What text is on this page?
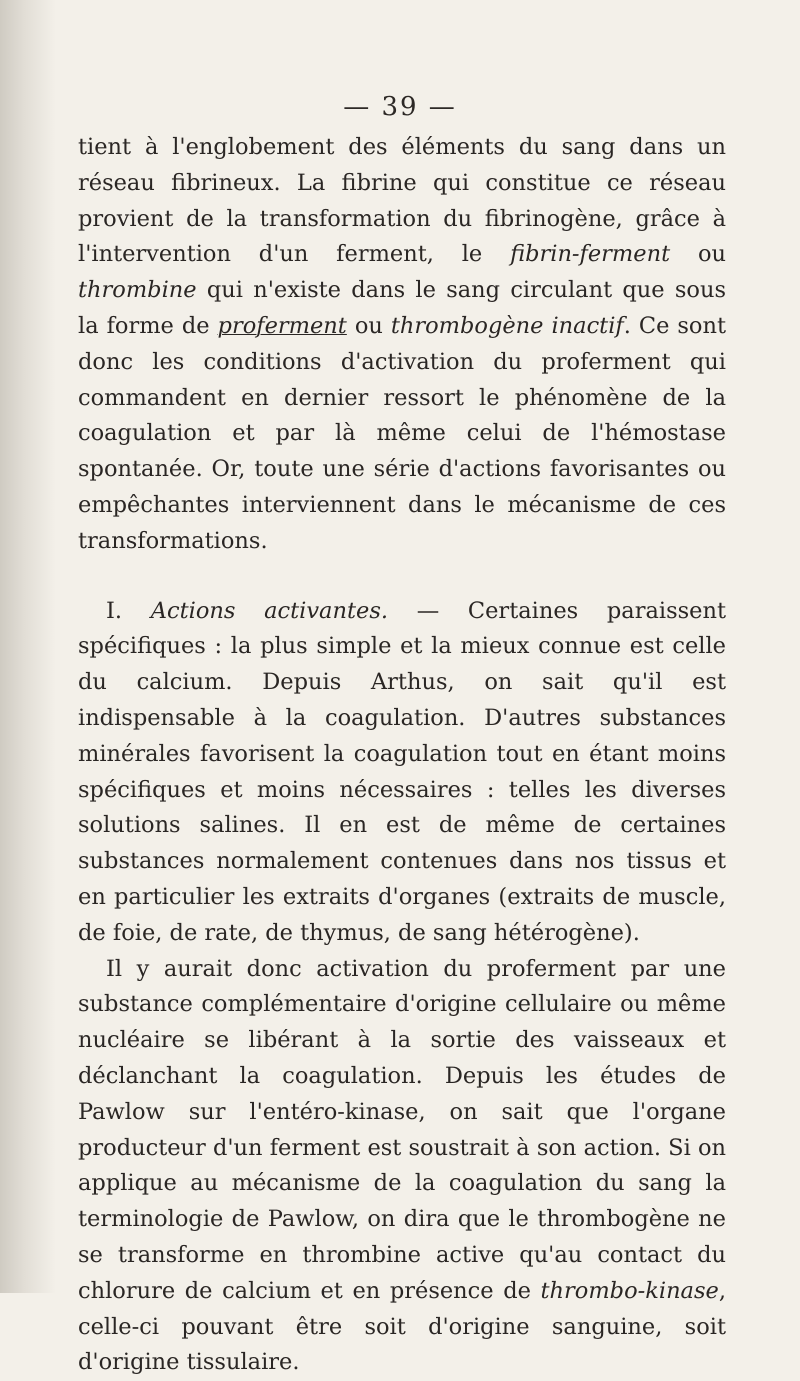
— 39 —

tient à l'englobement des éléments du sang dans un réseau fibrineux. La fibrine qui constitue ce réseau provient de la transformation du fibrinogène, grâce à l'intervention d'un ferment, le fibrin-ferment ou thrombine qui n'existe dans le sang circulant que sous la forme de proferment ou thrombogène inactif. Ce sont donc les conditions d'activation du proferment qui commandent en dernier ressort le phénomène de la coagulation et par là même celui de l'hémostase spontanée. Or, toute une série d'actions favorisantes ou empêchantes interviennent dans le mécanisme de ces transformations.

I. Actions activantes. — Certaines paraissent spécifiques : la plus simple et la mieux connue est celle du calcium. Depuis Arthus, on sait qu'il est indispensable à la coagulation. D'autres substances minérales favorisent la coagulation tout en étant moins spécifiques et moins nécessaires : telles les diverses solutions salines. Il en est de même de certaines substances normalement contenues dans nos tissus et en particulier les extraits d'organes (extraits de muscle, de foie, de rate, de thymus, de sang hétérogène).

Il y aurait donc activation du proferment par une substance complémentaire d'origine cellulaire ou même nucléaire se libérant à la sortie des vaisseaux et déclanchant la coagulation. Depuis les études de Pawlow sur l'entéro-kinase, on sait que l'organe producteur d'un ferment est soustrait à son action. Si on applique au mécanisme de la coagulation du sang la terminologie de Pawlow, on dira que le thrombogène ne se transforme en thrombine active qu'au contact du chlorure de calcium et en présence de thrombo-kinase, celle-ci pouvant être soit d'origine sanguine, soit d'origine tissulaire.
